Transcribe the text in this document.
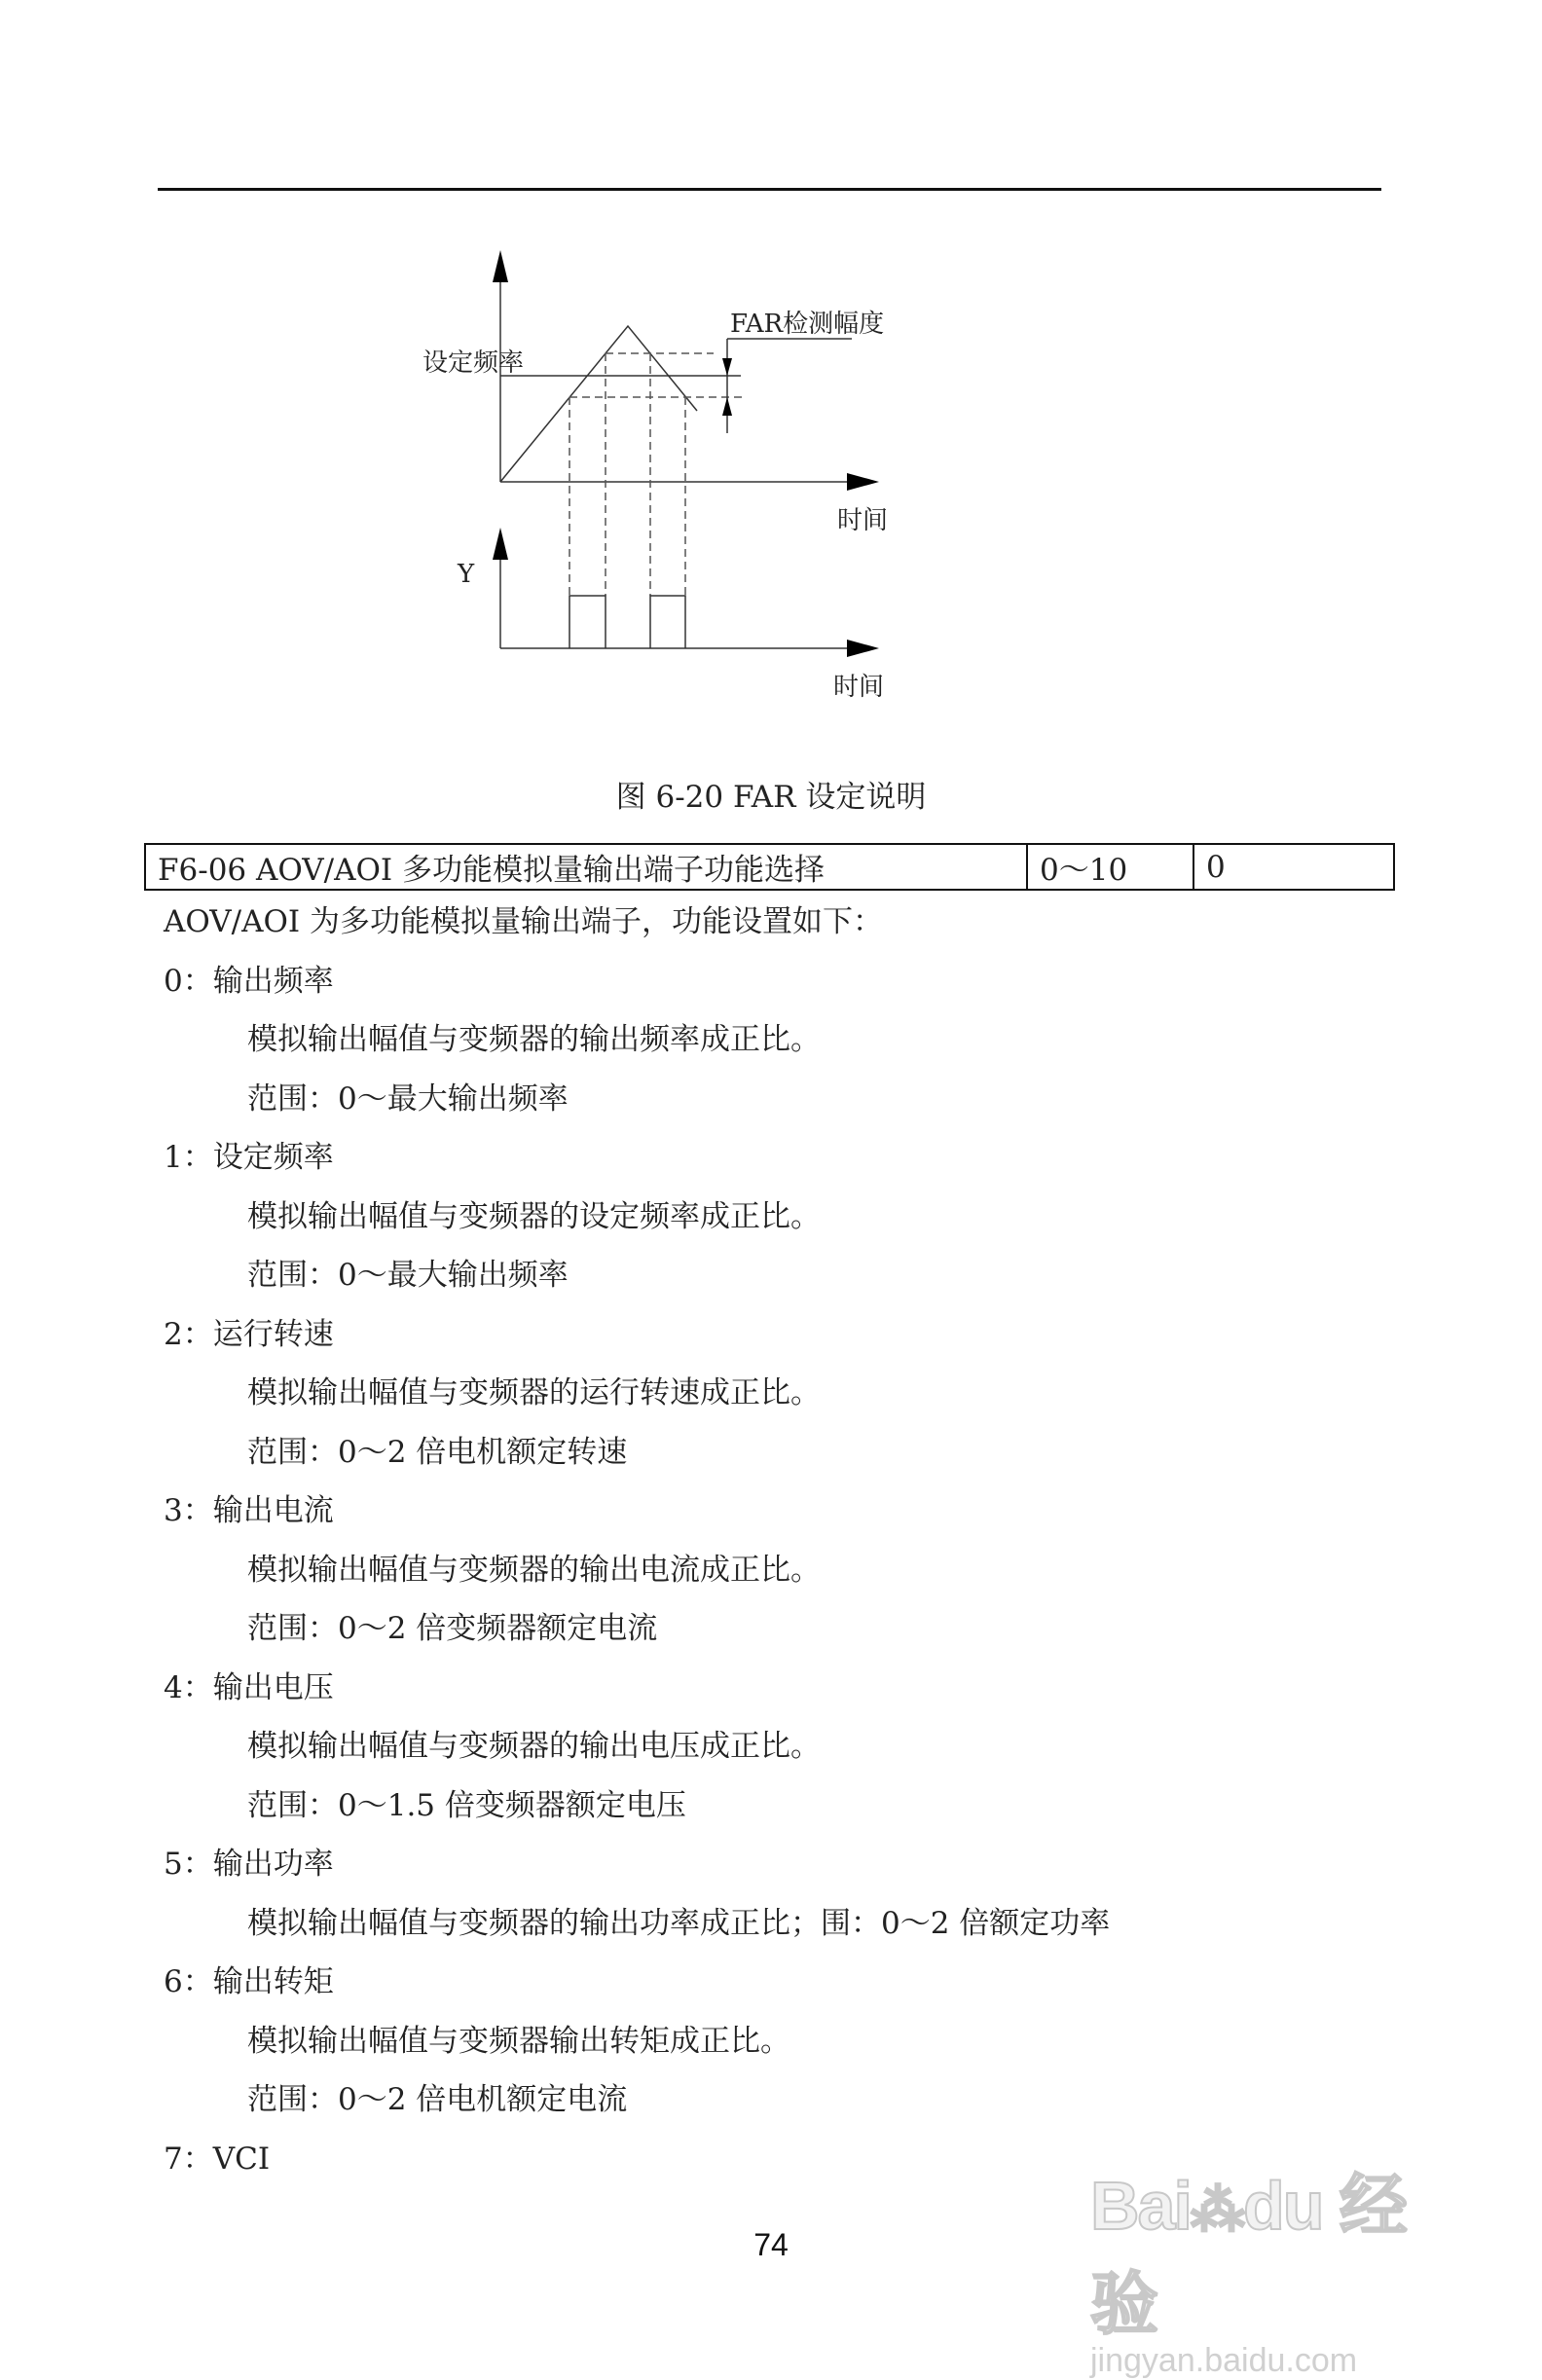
设定频率
FAR检测幅度
时间
Y
时间
图 6-20 FAR 设定说明
F6-06 AOV/AOI 多功能模拟量输出端子功能选择	0～10	0
AOV/AOI 为多功能模拟量输出端子，功能设置如下：
0：输出频率
模拟输出幅值与变频器的输出频率成正比。
范围：0～最大输出频率
1：设定频率
模拟输出幅值与变频器的设定频率成正比。
范围：0～最大输出频率
2：运行转速
模拟输出幅值与变频器的运行转速成正比。
范围：0～2 倍电机额定转速
3：输出电流
模拟输出幅值与变频器的输出电流成正比。
范围：0～2 倍变频器额定电流
4：输出电压
模拟输出幅值与变频器的输出电压成正比。
范围：0～1.5 倍变频器额定电压
5：输出功率
模拟输出幅值与变频器的输出功率成正比；围：0～2 倍额定功率
6：输出转矩
模拟输出幅值与变频器输出转矩成正比。
范围：0～2 倍电机额定电流
7：VCI
74
Bai⁂du 经验
jingyan.baidu.com
